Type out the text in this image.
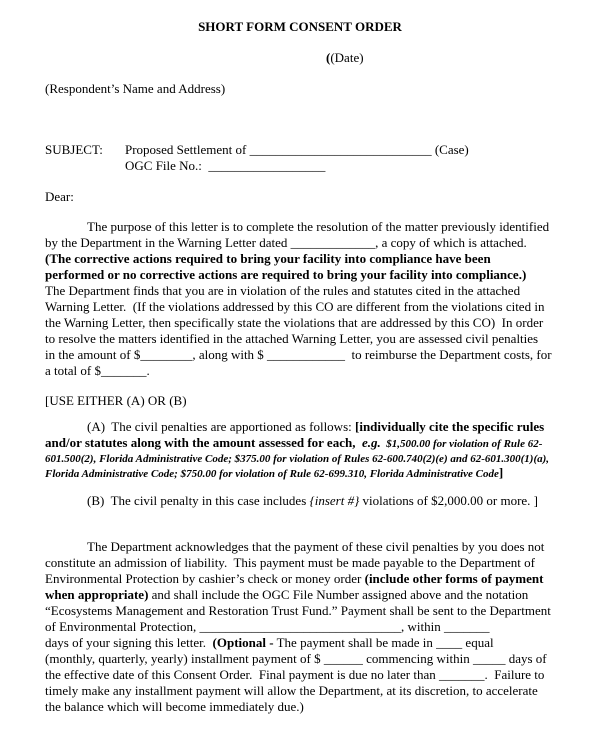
SHORT FORM CONSENT ORDER
((Date)
(Respondent’s Name and Address)
SUBJECT: Proposed Settlement of ____________________________ (Case)
OGC File No.:  __________________
Dear:
The purpose of this letter is to complete the resolution of the matter previously identified
by the Department in the Warning Letter dated _____________, a copy of which is attached.
(The corrective actions required to bring your facility into compliance have been
performed or no corrective actions are required to bring your facility into compliance.)
The Department finds that you are in violation of the rules and statutes cited in the attached
Warning Letter.  (If the violations addressed by this CO are different from the violations cited in
the Warning Letter, then specifically state the violations that are addressed by this CO)  In order
to resolve the matters identified in the attached Warning Letter, you are assessed civil penalties
in the amount of $________, along with $ ____________  to reimburse the Department costs, for
a total of $_______.
[USE EITHER (A) OR (B)
(A)  The civil penalties are apportioned as follows: [individually cite the specific rules
and/or statutes along with the amount assessed for each,  e.g.  $1,500.00 for violation of Rule 62-
601.500(2), Florida Administrative Code; $375.00 for violation of Rules 62-600.740(2)(e) and 62-601.300(1)(a),
Florida Administrative Code; $750.00 for violation of Rule 62-699.310, Florida Administrative Code]
(B)  The civil penalty in this case includes {insert #} violations of $2,000.00 or more. ]
The Department acknowledges that the payment of these civil penalties by you does not
constitute an admission of liability.  This payment must be made payable to the Department of
Environmental Protection by cashier’s check or money order (include other forms of payment
when appropriate) and shall include the OGC File Number assigned above and the notation
“Ecosystems Management and Restoration Trust Fund.” Payment shall be sent to the Department
of Environmental Protection, _______________________________, within _______
days of your signing this letter.  (Optional - The payment shall be made in ____ equal
(monthly, quarterly, yearly) installment payment of $ ______ commencing within _____ days of
the effective date of this Consent Order.  Final payment is due no later than _______.  Failure to
timely make any installment payment will allow the Department, at its discretion, to accelerate
the balance which will become immediately due.)
